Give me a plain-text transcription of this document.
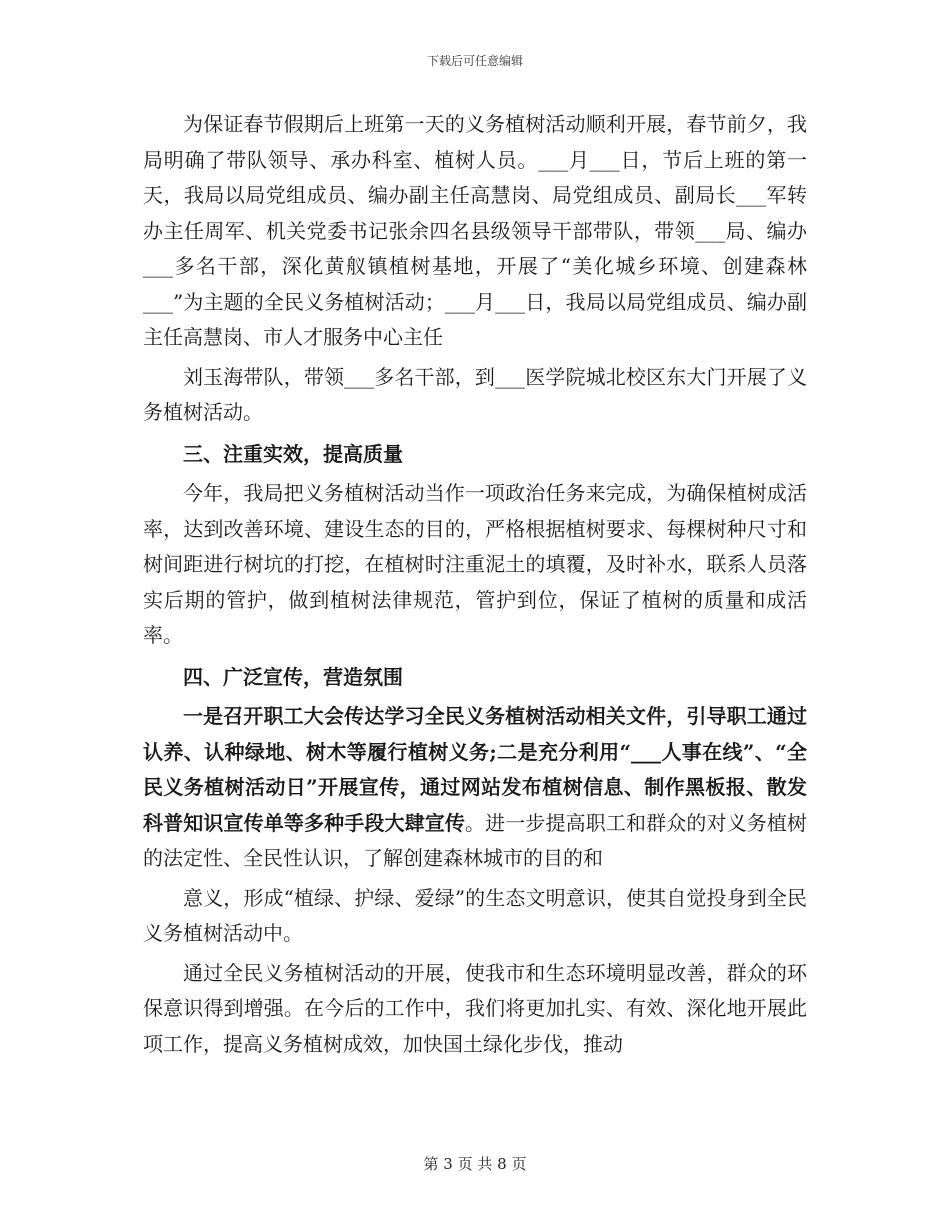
下载后可任意编辑

为保证春节假期后上班第一天的义务植树活动顺利开展，春节前夕，我局明确了带队领导、承办科室、植树人员。___月___日，节后上班的第一天，我局以局党组成员、编办副主任高慧岗、局党组成员、副局长___军转办主任周军、机关党委书记张余四名县级领导干部带队，带领___局、编办___多名干部，深化黄舣镇植树基地，开展了“美化城乡环境、创建森林___”为主题的全民义务植树活动；___月___日，我局以局党组成员、编办副主任高慧岗、市人才服务中心主任

刘玉海带队，带领___多名干部，到___医学院城北校区东大门开展了义务植树活动。

三、注重实效，提高质量

今年，我局把义务植树活动当作一项政治任务来完成，为确保植树成活率，达到改善环境、建设生态的目的，严格根据植树要求、每棵树种尺寸和树间距进行树坑的打挖，在植树时注重泥土的填覆，及时补水，联系人员落实后期的管护，做到植树法律规范，管护到位，保证了植树的质量和成活率。

四、广泛宣传，营造氛围

一是召开职工大会传达学习全民义务植树活动相关文件，引导职工通过认养、认种绿地、树木等履行植树义务;二是充分利用“___人事在线”、“全民义务植树活动日”开展宣传，通过网站发布植树信息、制作黑板报、散发科普知识宣传单等多种手段大肆宣传。进一步提高职工和群众的对义务植树的法定性、全民性认识，了解创建森林城市的目的和

意义，形成“植绿、护绿、爱绿”的生态文明意识，使其自觉投身到全民义务植树活动中。

通过全民义务植树活动的开展，使我市和生态环境明显改善，群众的环保意识得到增强。在今后的工作中，我们将更加扎实、有效、深化地开展此项工作，提高义务植树成效，加快国土绿化步伐，推动

第 3 页 共 8 页
